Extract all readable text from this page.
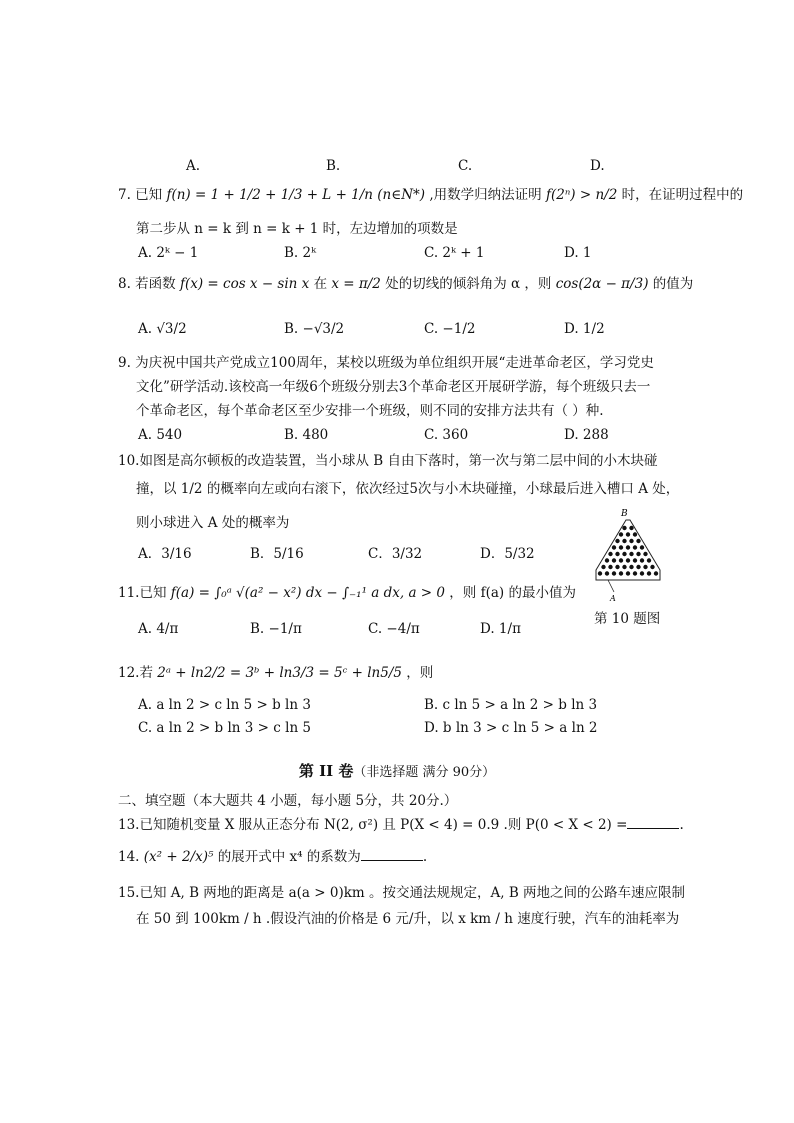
A.	B.	C.	D.
7. 已知 f(n) = 1 + 1/2 + 1/3 + L + 1/n (n∈N*) ,用数学归纳法证明 f(2ⁿ) > n/2 时，在证明过程中的
第二步从 n = k 到 n = k + 1 时，左边增加的项数是
A. 2ᵏ − 1	B. 2ᵏ	C. 2ᵏ + 1	D. 1
8. 若函数 f(x) = cos x − sin x 在 x = π/2 处的切线的倾斜角为 α ，则 cos(2α − π/3) 的值为
A. √3/2	B. −√3/2	C. −1/2	D. 1/2
9. 为庆祝中国共产党成立100周年，某校以班级为单位组织开展“走进革命老区，学习党史
文化”研学活动.该校高一年级6个班级分别去3个革命老区开展研学游，每个班级只去一
个革命老区，每个革命老区至少安排一个班级，则不同的安排方法共有（ ）种.
A. 540	B. 480	C. 360	D. 288
10.如图是高尔顿板的改造装置，当小球从 B 自由下落时，第一次与第二层中间的小木块碰
撞，以 1/2 的概率向左或向右滚下，依次经过5次与小木块碰撞，小球最后进入槽口 A 处，
则小球进入 A 处的概率为
A．3/16	B．5/16	C．3/32	D．5/32
B
A
第 10 题图
11.已知 f(a) = ∫₀ᵃ √(a² − x²) dx − ∫₋₁¹ a dx, a > 0 ，则 f(a) 的最小值为
A. 4/π	B. −1/π	C. −4/π	D. 1/π
12.若 2ᵃ + ln2/2 = 3ᵇ + ln3/3 = 5ᶜ + ln5/5 ，则
A. a ln 2 > c ln 5 > b ln 3	B. c ln 5 > a ln 2 > b ln 3
C. a ln 2 > b ln 3 > c ln 5	D. b ln 3 > c ln 5 > a ln 2
第 II 卷（非选择题 满分 90分）
二、填空题（本大题共 4 小题，每小题 5分，共 20分.）
13.已知随机变量 X 服从正态分布 N(2, σ²) 且 P(X < 4) = 0.9 .则 P(0 < X < 2) =	.
14. (x² + 2/x)⁵ 的展开式中 x⁴ 的系数为	.
15.已知 A, B 两地的距离是 a(a > 0)km 。按交通法规规定，A, B 两地之间的公路车速应限制
在 50 到 100km / h .假设汽油的价格是 6 元/升，以 x km / h 速度行驶，汽车的油耗率为
